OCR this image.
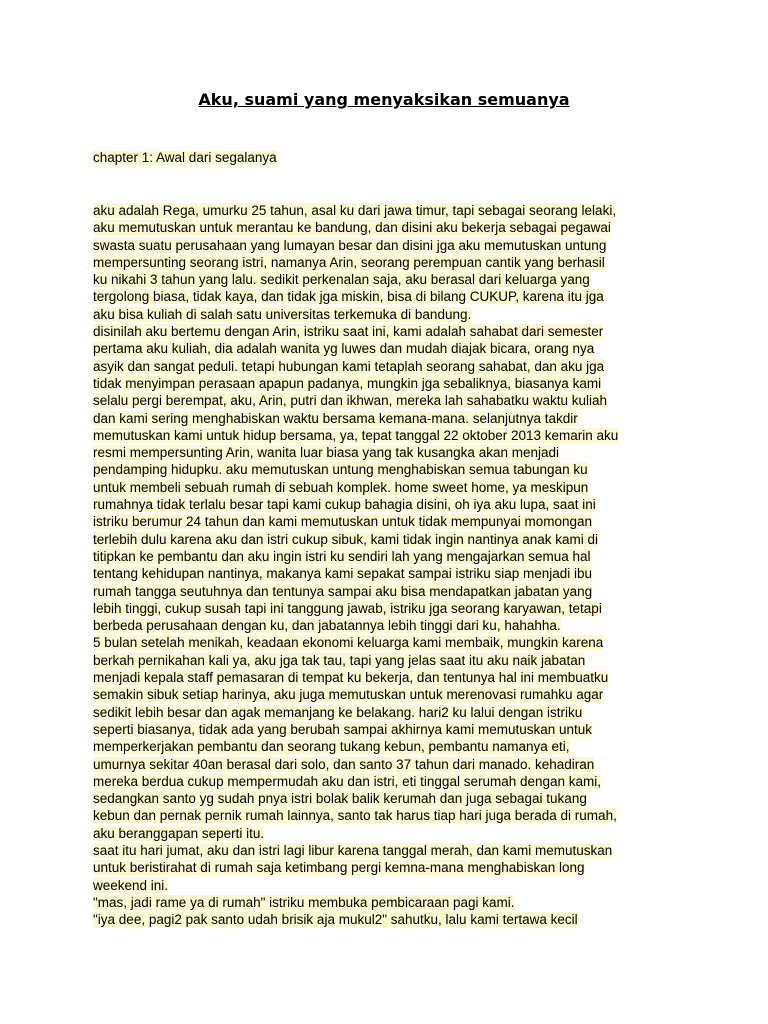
Aku, suami yang menyaksikan semuanya

chapter 1: Awal dari segalanya

aku adalah Rega, umurku 25 tahun, asal ku dari jawa timur, tapi sebagai seorang lelaki,
aku memutuskan untuk merantau ke bandung, dan disini aku bekerja sebagai pegawai
swasta suatu perusahaan yang lumayan besar dan disini jga aku memutuskan untung
mempersunting seorang istri, namanya Arin, seorang perempuan cantik yang berhasil
ku nikahi 3 tahun yang lalu. sedikit perkenalan saja, aku berasal dari keluarga yang
tergolong biasa, tidak kaya, dan tidak jga miskin, bisa di bilang CUKUP, karena itu jga
aku bisa kuliah di salah satu universitas terkemuka di bandung.
disinilah aku bertemu dengan Arin, istriku saat ini, kami adalah sahabat dari semester
pertama aku kuliah, dia adalah wanita yg luwes dan mudah diajak bicara, orang nya
asyik dan sangat peduli. tetapi hubungan kami tetaplah seorang sahabat, dan aku jga
tidak menyimpan perasaan apapun padanya, mungkin jga sebaliknya, biasanya kami
selalu pergi berempat, aku, Arin, putri dan ikhwan, mereka lah sahabatku waktu kuliah
dan kami sering menghabiskan waktu bersama kemana-mana. selanjutnya takdir
memutuskan kami untuk hidup bersama, ya, tepat tanggal 22 oktober 2013 kemarin aku
resmi mempersunting Arin, wanita luar biasa yang tak kusangka akan menjadi
pendamping hidupku. aku memutuskan untung menghabiskan semua tabungan ku
untuk membeli sebuah rumah di sebuah komplek. home sweet home, ya meskipun
rumahnya tidak terlalu besar tapi kami cukup bahagia disini, oh iya aku lupa, saat ini
istriku berumur 24 tahun dan kami memutuskan untuk tidak mempunyai momongan
terlebih dulu karena aku dan istri cukup sibuk, kami tidak ingin nantinya anak kami di
titipkan ke pembantu dan aku ingin istri ku sendiri lah yang mengajarkan semua hal
tentang kehidupan nantinya, makanya kami sepakat sampai istriku siap menjadi ibu
rumah tangga seutuhnya dan tentunya sampai aku bisa mendapatkan jabatan yang
lebih tinggi, cukup susah tapi ini tanggung jawab, istriku jga seorang karyawan, tetapi
berbeda perusahaan dengan ku, dan jabatannya lebih tinggi dari ku, hahahha.
5 bulan setelah menikah, keadaan ekonomi keluarga kami membaik, mungkin karena
berkah pernikahan kali ya, aku jga tak tau, tapi yang jelas saat itu aku naik jabatan
menjadi kepala staff pemasaran di tempat ku bekerja, dan tentunya hal ini membuatku
semakin sibuk setiap harinya, aku juga memutuskan untuk merenovasi rumahku agar
sedikit lebih besar dan agak memanjang ke belakang. hari2 ku lalui dengan istriku
seperti biasanya, tidak ada yang berubah sampai akhirnya kami memutuskan untuk
memperkerjakan pembantu dan seorang tukang kebun, pembantu namanya eti,
umurnya sekitar 40an berasal dari solo, dan santo 37 tahun dari manado. kehadiran
mereka berdua cukup mempermudah aku dan istri, eti tinggal serumah dengan kami,
sedangkan santo yg sudah pnya istri bolak balik kerumah dan juga sebagai tukang
kebun dan pernak pernik rumah lainnya, santo tak harus tiap hari juga berada di rumah,
aku beranggapan seperti itu.
saat itu hari jumat, aku dan istri lagi libur karena tanggal merah, dan kami memutuskan
untuk beristirahat di rumah saja ketimbang pergi kemna-mana menghabiskan long
weekend ini.
"mas, jadi rame ya di rumah" istriku membuka pembicaraan pagi kami.
"iya dee, pagi2 pak santo udah brisik aja mukul2" sahutku, lalu kami tertawa kecil
